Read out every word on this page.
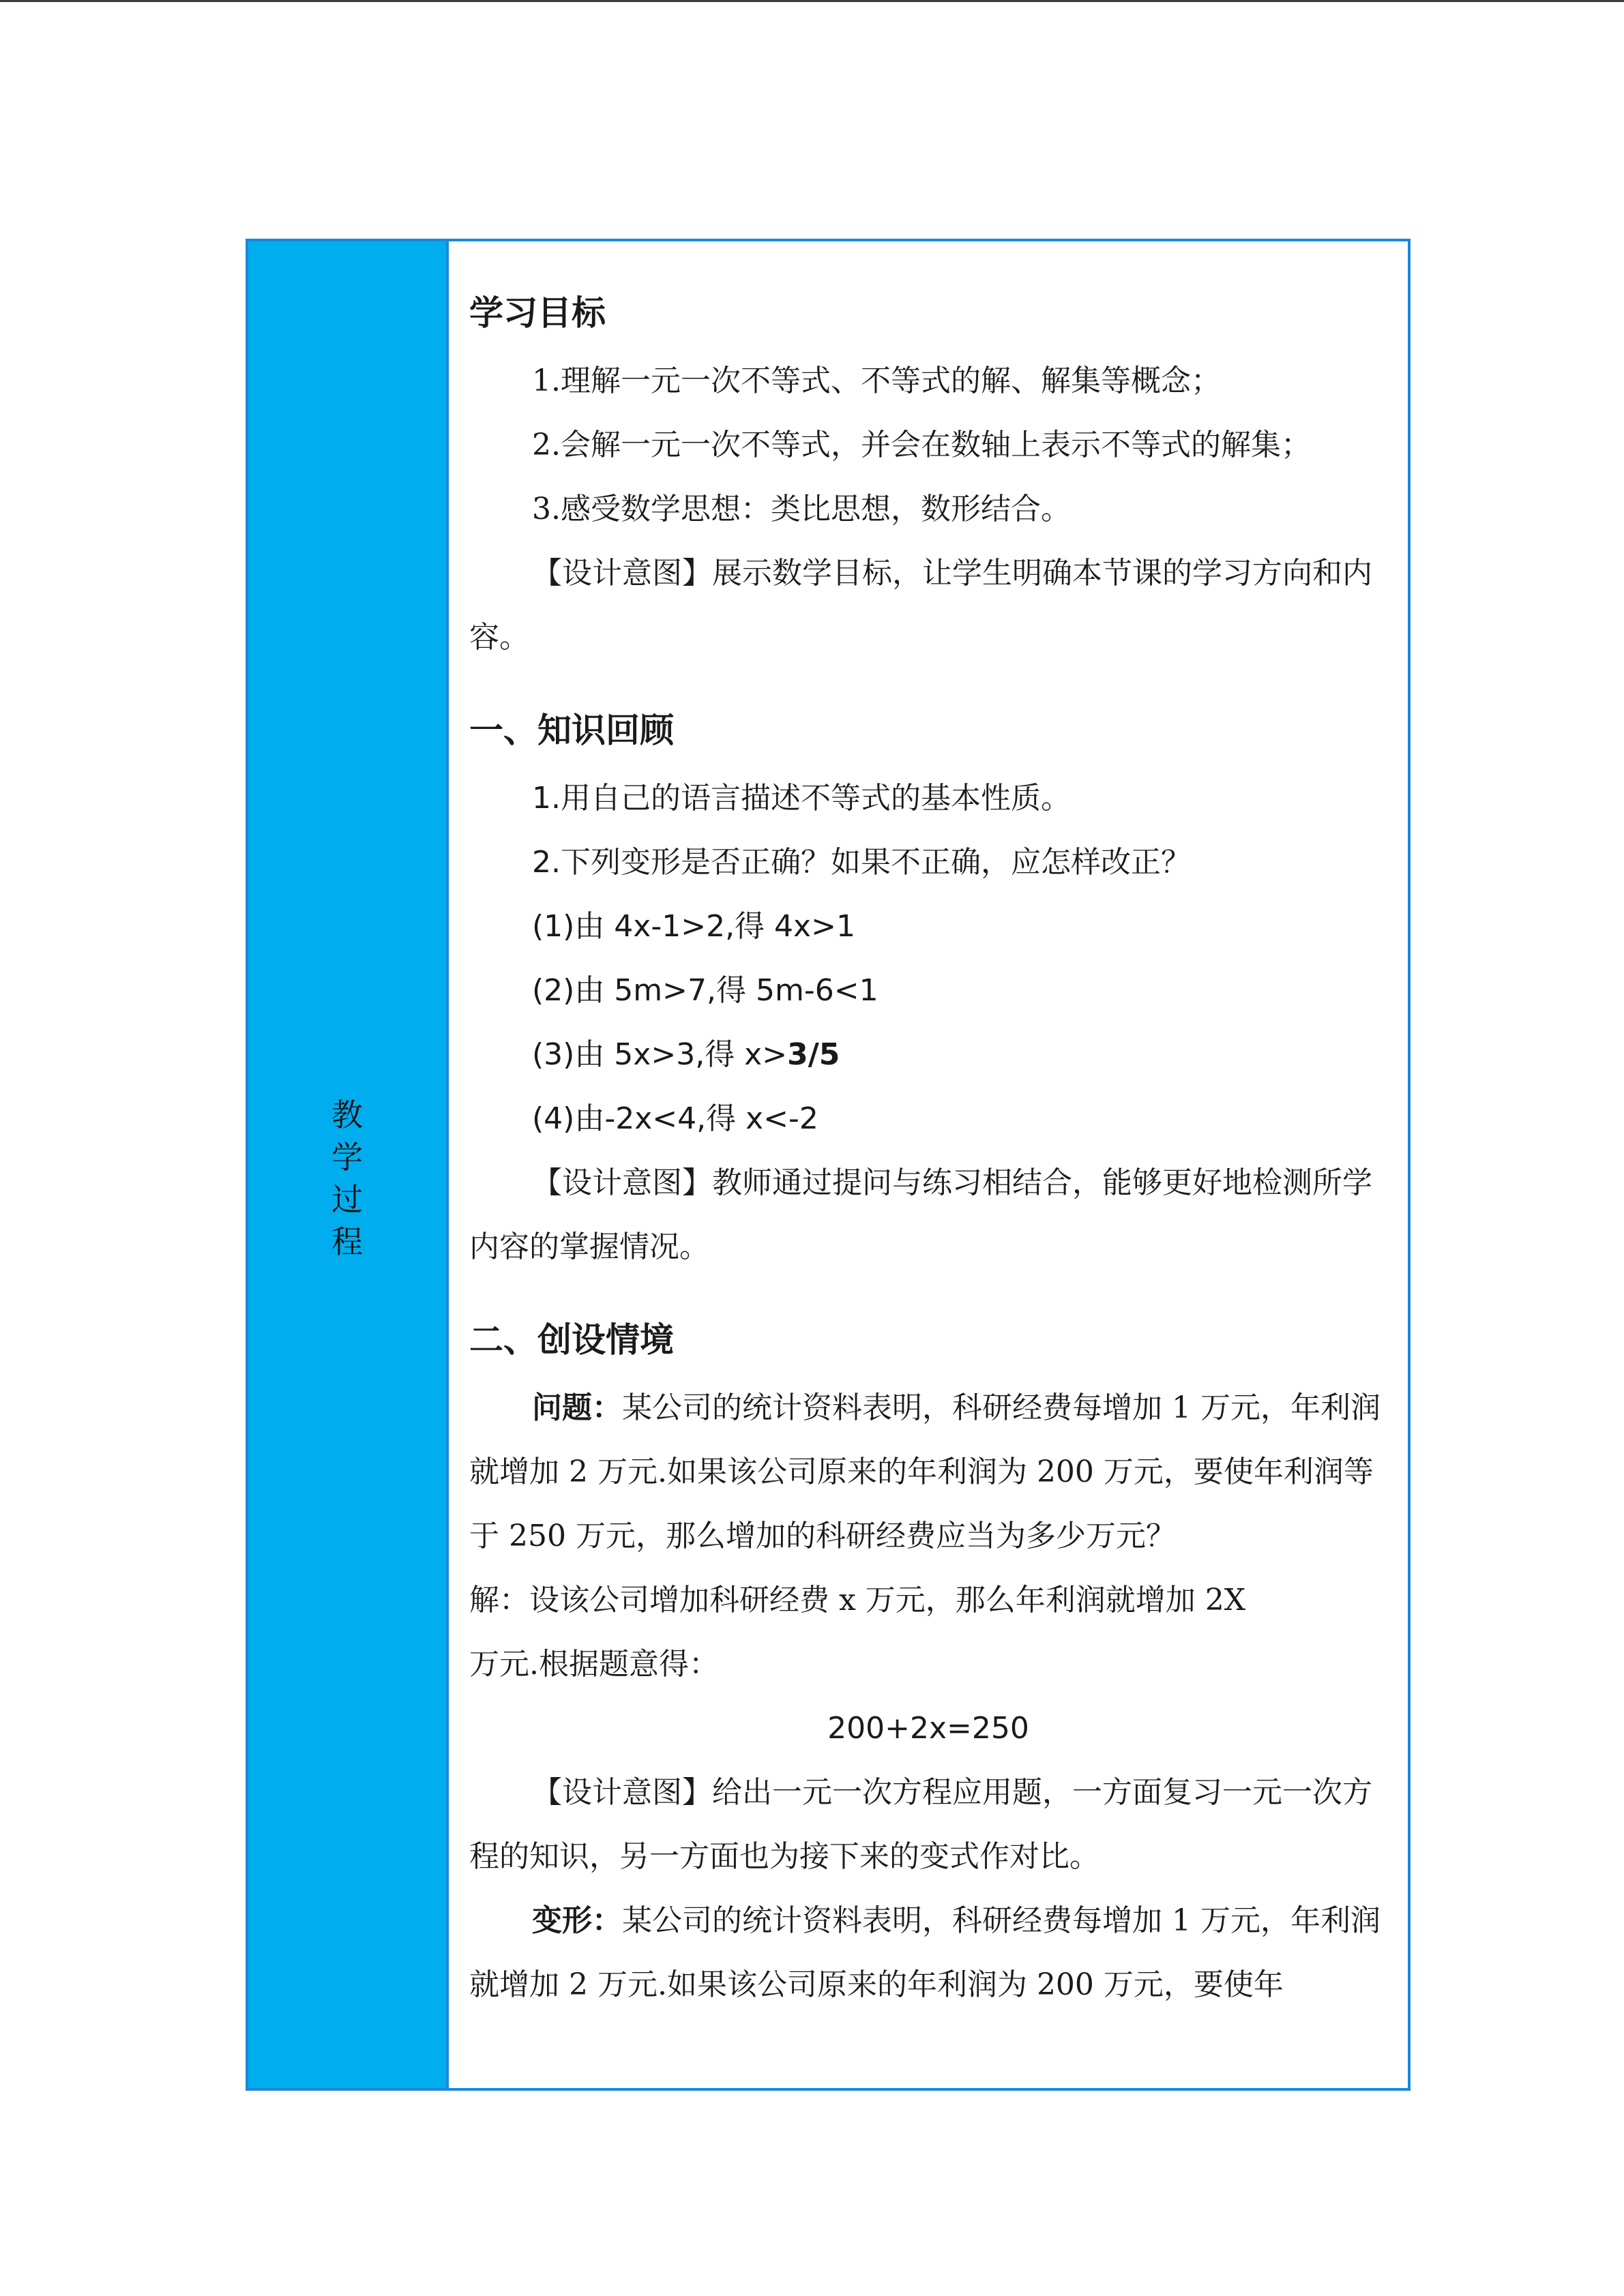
教学过程
学习目标

1.理解一元一次不等式、不等式的解、解集等概念；

2.会解一元一次不等式，并会在数轴上表示不等式的解集；

3.感受数学思想：类比思想，数形结合。

【设计意图】展示数学目标，让学生明确本节课的学习方向和内容。

一、知识回顾

1.用自己的语言描述不等式的基本性质。

2.下列变形是否正确？如果不正确，应怎样改正？

(1)由 4x-1>2,得 4x>1

(2)由 5m>7,得 5m-6<1

(3)由 5x>3,得 x>3/5

(4)由-2x<4,得 x<-2

【设计意图】教师通过提问与练习相结合，能够更好地检测所学内容的掌握情况。

二、创设情境

问题：某公司的统计资料表明，科研经费每增加 1 万元，年利润就增加 2 万元.如果该公司原来的年利润为 200 万元，要使年利润等于 250 万元，那么增加的科研经费应当为多少万元？

解：设该公司增加科研经费 x 万元，那么年利润就增加 2X

万元.根据题意得：

200+2x=250

【设计意图】给出一元一次方程应用题，一方面复习一元一次方程的知识，另一方面也为接下来的变式作对比。

变形：某公司的统计资料表明，科研经费每增加 1 万元，年利润就增加 2 万元.如果该公司原来的年利润为 200 万元，要使年
